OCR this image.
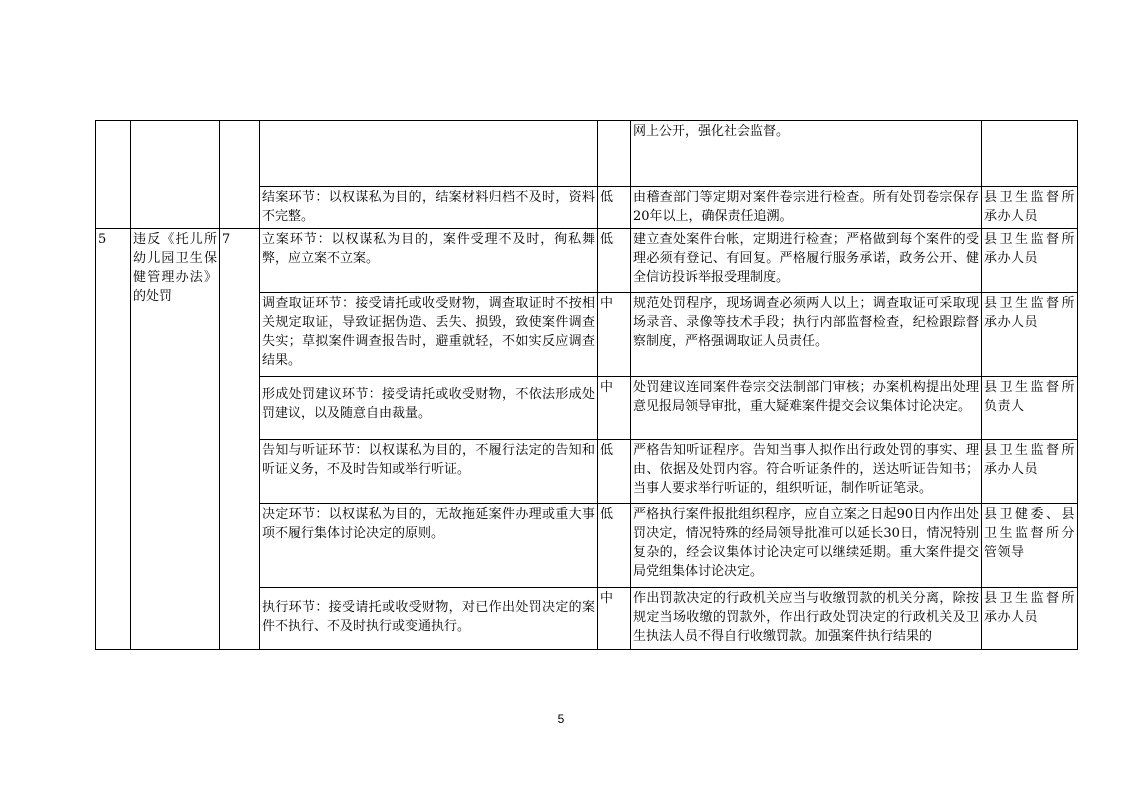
					网上公开，强化社会监督。	
			结案环节：以权谋私为目的，结案材料归档不及时，资料不完整。	低	由稽查部门等定期对案件卷宗进行检查。所有处罚卷宗保存20年以上，确保责任追溯。	县卫生监督所承办人员
5	违反《托儿所幼儿园卫生保健管理办法》的处罚	7	立案环节：以权谋私为目的，案件受理不及时，徇私舞弊，应立案不立案。	低	建立查处案件台帐，定期进行检查；严格做到每个案件的受理必须有登记、有回复。严格履行服务承诺，政务公开、健全信访投诉举报受理制度。	县卫生监督所承办人员
			调查取证环节：接受请托或收受财物，调查取证时不按相关规定取证，导致证据伪造、丢失、损毁，致使案件调查失实；草拟案件调查报告时，避重就轻，不如实反应调查结果。	中	规范处罚程序，现场调查必须两人以上；调查取证可采取现场录音、录像等技术手段；执行内部监督检查，纪检跟踪督察制度，严格强调取证人员责任。	县卫生监督所承办人员
			形成处罚建议环节：接受请托或收受财物，不依法形成处罚建议，以及随意自由裁量。	中	处罚建议连同案件卷宗交法制部门审核；办案机构提出处理意见报局领导审批，重大疑难案件提交会议集体讨论决定。	县卫生监督所负责人
			告知与听证环节：以权谋私为目的，不履行法定的告知和听证义务，不及时告知或举行听证。	低	严格告知听证程序。告知当事人拟作出行政处罚的事实、理由、依据及处罚内容。符合听证条件的，送达听证告知书；当事人要求举行听证的，组织听证，制作听证笔录。	县卫生监督所承办人员
			决定环节：以权谋私为目的，无故拖延案件办理或重大事项不履行集体讨论决定的原则。	低	严格执行案件报批组织程序，应自立案之日起90日内作出处罚决定，情况特殊的经局领导批准可以延长30日，情况特别复杂的，经会议集体讨论决定可以继续延期。重大案件提交局党组集体讨论决定。	县卫健委、县卫生监督所分管领导
			执行环节：接受请托或收受财物，对已作出处罚决定的案件不执行、不及时执行或变通执行。	中	作出罚款决定的行政机关应当与收缴罚款的机关分离，除按规定当场收缴的罚款外，作出行政处罚决定的行政机关及卫生执法人员不得自行收缴罚款。加强案件执行结果的	县卫生监督所承办人员
5
